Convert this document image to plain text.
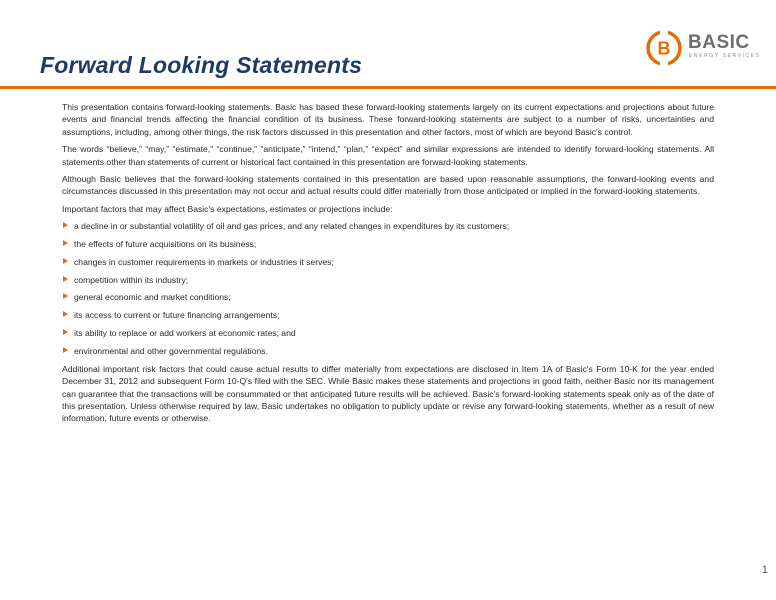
Forward Looking Statements
B BASIC
ENERGY SERVICES

This presentation contains forward-looking statements. Basic has based these forward-looking statements largely on its current expectations and projections about future events and financial trends affecting the financial condition of its business. These forward-looking statements are subject to a number of risks, uncertainties and assumptions, including, among other things, the risk factors discussed in this presentation and other factors, most of which are beyond Basic's control.

The words “believe,” “may,” “estimate,” “continue,” “anticipate,” “intend,” “plan,” “expect” and similar expressions are intended to identify forward-looking statements. All statements other than statements of current or historical fact contained in this presentation are forward-looking statements.

Although Basic believes that the forward-looking statements contained in this presentation are based upon reasonable assumptions, the forward-looking events and circumstances discussed in this presentation may not occur and actual results could differ materially from those anticipated or implied in the forward-looking statements.

Important factors that may affect Basic's expectations, estimates or projections include:

a decline in or substantial volatility of oil and gas prices, and any related changes in expenditures by its customers;
the effects of future acquisitions on its business;
changes in customer requirements in markets or industries it serves;
competition within its industry;
general economic and market conditions;
its access to current or future financing arrangements;
its ability to replace or add workers at economic rates; and
environmental and other governmental regulations.

Additional important risk factors that could cause actual results to differ materially from expectations are disclosed in Item 1A of Basic's Form 10-K for the year ended December 31, 2012 and subsequent Form 10-Q's filed with the SEC. While Basic makes these statements and projections in good faith, neither Basic nor its management can guarantee that the transactions will be consummated or that anticipated future results will be achieved. Basic's forward-looking statements speak only as of the date of this presentation. Unless otherwise required by law, Basic undertakes no obligation to publicly update or revise any forward-looking statements, whether as a result of new information, future events or otherwise.

1
